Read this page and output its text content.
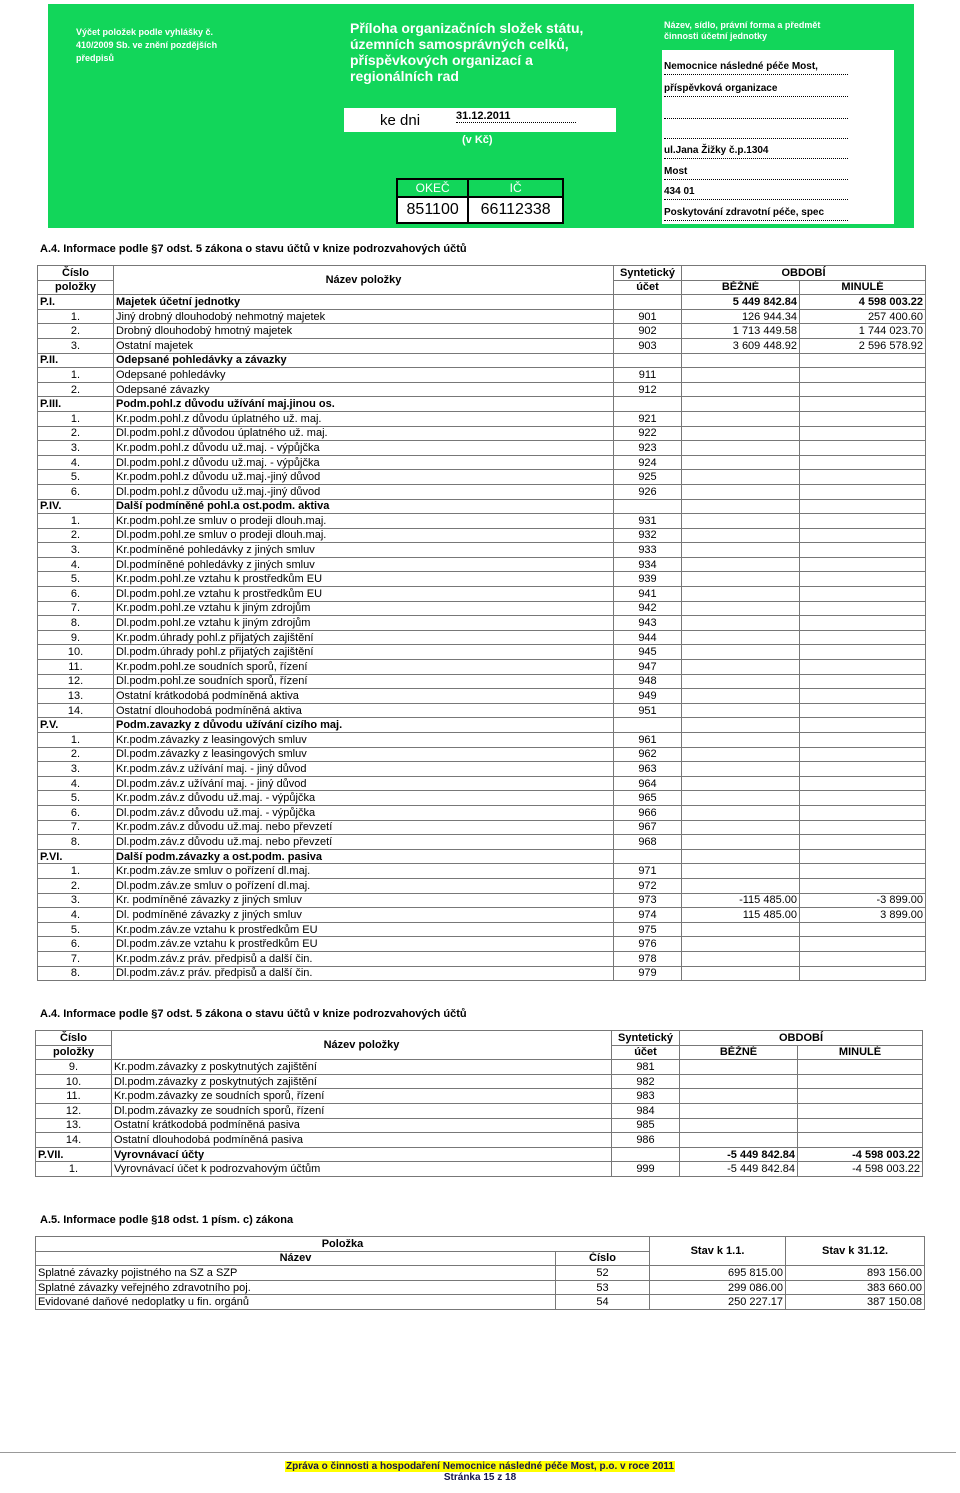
Výčet položek podle vyhlášky č.
410/2009 Sb. ve znění pozdějších
předpisů
Příloha organizačních složek státu,
územních samosprávných celků,
příspěvkových organizací a
regionálních rad
Název, sídlo, právní forma a předmět
činnosti účetní jednotky
ke dni	31.12.2011
(v Kč)
OKEČ	IČ
851100	66112338
Nemocnice následné péče Most,
příspěvková organizace
ul.Jana Žižky č.p.1304
Most
434 01
Poskytování zdravotní péče, spec
A.4. Informace podle §7 odst. 5 zákona o stavu účtů v knize podrozvahových účtů
Číslo	Název položky	Syntetický	OBDOBÍ	
položky		účet	BĚŽNÉ	MINULÉ
P.I.	Majetek účetní jednotky		5 449 842.84	4 598 003.22
1.	Jiný drobný dlouhodobý nehmotný majetek	901	126 944.34	257 400.60
2.	Drobný dlouhodobý hmotný majetek	902	1 713 449.58	1 744 023.70
3.	Ostatní majetek	903	3 609 448.92	2 596 578.92
P.II.	Odepsané pohledávky a závazky			
1.	Odepsané pohledávky	911		
2.	Odepsané závazky	912		
P.III.	Podm.pohl.z důvodu užívání maj.jinou os.			
1.	Kr.podm.pohl.z důvodu úplatného už. maj.	921		
2.	Dl.podm.pohl.z důvodou úplatného už. maj.	922		
3.	Kr.podm.pohl.z důvodu už.maj. - výpůjčka	923		
4.	Dl.podm.pohl.z důvodu už.maj. - výpůjčka	924		
5.	Kr.podm.pohl.z důvodu už.maj.-jiný důvod	925		
6.	Dl.podm.pohl.z důvodu už.maj.-jiný důvod	926		
P.IV.	Další podmíněné pohl.a ost.podm. aktiva			
1.	Kr.podm.pohl.ze smluv o prodeji dlouh.maj.	931		
2.	Dl.podm.pohl.ze smluv o prodeji dlouh.maj.	932		
3.	Kr.podmíněné pohledávky z jiných smluv	933		
4.	Dl.podmíněné pohledávky z jiných smluv	934		
5.	Kr.podm.pohl.ze vztahu k prostředkům EU	939		
6.	Dl.podm.pohl.ze vztahu k prostředkům EU	941		
7.	Kr.podm.pohl.ze vztahu k jiným zdrojům	942		
8.	Dl.podm.pohl.ze vztahu k jiným zdrojům	943		
9.	Kr.podm.úhrady pohl.z přijatých zajištění	944		
10.	Dl.podm.úhrady pohl.z přijatých zajištění	945		
11.	Kr.podm.pohl.ze soudních sporů, řízení	947		
12.	Dl.podm.pohl.ze soudních sporů, řízení	948		
13.	Ostatní krátkodobá podmíněná aktiva	949		
14.	Ostatní dlouhodobá podmíněná aktiva	951		
P.V.	Podm.zavazky z důvodu užívání cizího maj.			
1.	Kr.podm.závazky z leasingových smluv	961		
2.	Dl.podm.závazky z leasingových smluv	962		
3.	Kr.podm.záv.z užívání maj. - jiný důvod	963		
4.	Dl.podm.záv.z užívání maj. - jiný důvod	964		
5.	Kr.podm.záv.z důvodu už.maj. - výpůjčka	965		
6.	Dl.podm.záv.z důvodu už.maj. - výpůjčka	966		
7.	Kr.podm.záv.z důvodu už.maj. nebo převzetí	967		
8.	Dl.podm.záv.z důvodu už.maj. nebo převzetí	968		
P.VI.	Další podm.závazky a ost.podm. pasiva			
1.	Kr.podm.záv.ze smluv o pořízení dl.maj.	971		
2.	Dl.podm.záv.ze smluv o pořízení dl.maj.	972		
3.	Kr. podmíněné závazky z jiných smluv	973	-115 485.00	-3 899.00
4.	Dl. podmíněné závazky z jiných smluv	974	115 485.00	3 899.00
5.	Kr.podm.záv.ze vztahu k prostředkům EU	975		
6.	Dl.podm.záv.ze vztahu k prostředkům EU	976		
7.	Kr.podm.záv.z práv. předpisů a další čin.	978		
8.	Dl.podm.záv.z práv. předpisů a další čin.	979		
A.4. Informace podle §7 odst. 5 zákona o stavu účtů v knize podrozvahových účtů
Číslo	Název položky	Syntetický	OBDOBÍ	
položky		účet	BĚŽNÉ	MINULÉ
9.	Kr.podm.závazky z poskytnutých zajištění	981		
10.	Dl.podm.závazky z poskytnutých zajištění	982		
11.	Kr.podm.závazky ze soudních sporů, řízení	983		
12.	Dl.podm.závazky ze soudních sporů, řízení	984		
13.	Ostatní krátkodobá podmíněná pasiva	985		
14.	Ostatní dlouhodobá podmíněná pasiva	986		
P.VII.	Vyrovnávací účty		-5 449 842.84	-4 598 003.22
1.	Vyrovnávací účet k podrozvahovým účtům	999	-5 449 842.84	-4 598 003.22
A.5. Informace podle §18 odst. 1 písm. c) zákona
Položka		Stav k 1.1.	Stav k 31.12.
Název	Číslo		
Splatné závazky pojistného na SZ a SZP	52	695 815.00	893 156.00
Splatné závazky veřejného zdravotního poj.	53	299 086.00	383 660.00
Evidované daňové nedoplatky u fin. orgánů	54	250 227.17	387 150.08
Zpráva o činnosti a hospodaření Nemocnice následné péče Most, p.o. v roce 2011
Stránka 15 z 18
